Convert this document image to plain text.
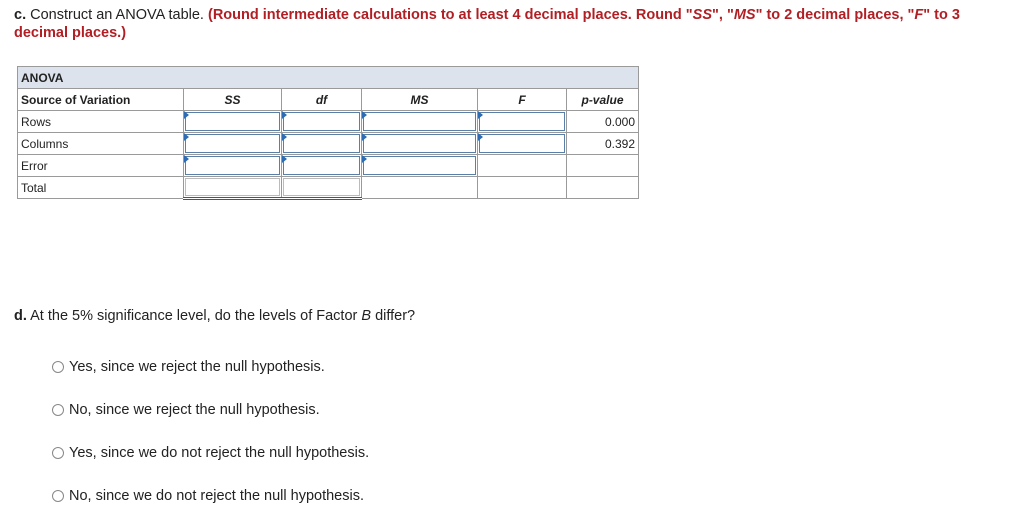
c. Construct an ANOVA table. (Round intermediate calculations to at least 4 decimal places. Round "SS", "MS" to 2 decimal places, "F" to 3 decimal places.)
ANOVA					
Source of Variation	SS	df	MS	F	p-value
Rows					0.000
Columns					0.392
Error	

Total	

d. At the 5% significance level, do the levels of Factor B differ?
Yes, since we reject the null hypothesis.
No, since we reject the null hypothesis.
Yes, since we do not reject the null hypothesis.
No, since we do not reject the null hypothesis.
